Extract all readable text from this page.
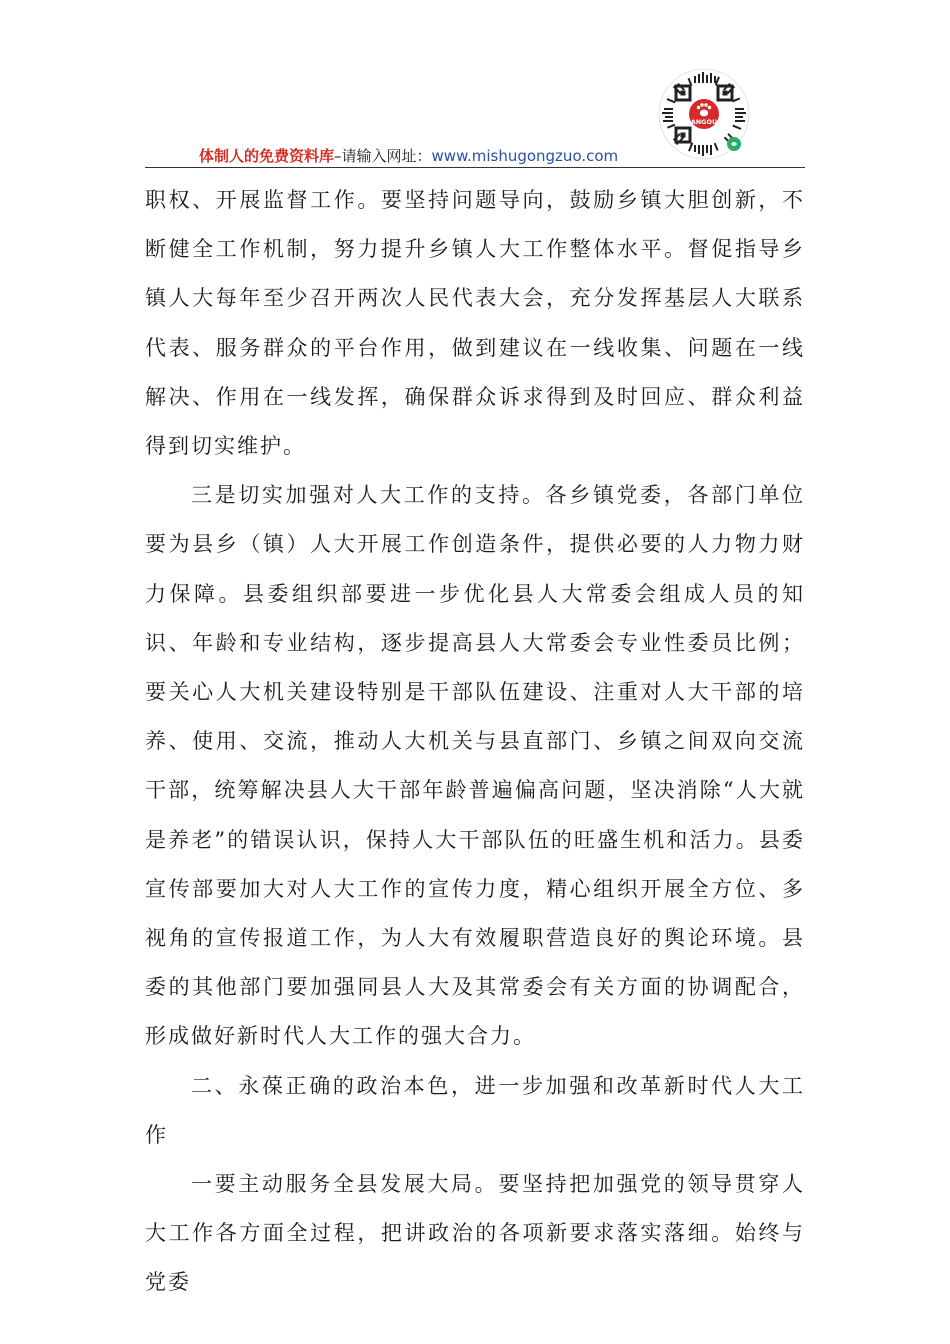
体制人的免费资料库–请输入网址：www.mishugongzuo.com
ANGOU

职权、开展监督工作。要坚持问题导向，鼓励乡镇大胆创新，不断健全工作机制，努力提升乡镇人大工作整体水平。督促指导乡镇人大每年至少召开两次人民代表大会，充分发挥基层人大联系代表、服务群众的平台作用，做到建议在一线收集、问题在一线解决、作用在一线发挥，确保群众诉求得到及时回应、群众利益得到切实维护。

三是切实加强对人大工作的支持。各乡镇党委，各部门单位要为县乡（镇）人大开展工作创造条件，提供必要的人力物力财力保障。县委组织部要进一步优化县人大常委会组成人员的知识、年龄和专业结构，逐步提高县人大常委会专业性委员比例；要关心人大机关建设特别是干部队伍建设、注重对人大干部的培养、使用、交流，推动人大机关与县直部门、乡镇之间双向交流干部，统筹解决县人大干部年龄普遍偏高问题，坚决消除“人大就是养老”的错误认识，保持人大干部队伍的旺盛生机和活力。县委宣传部要加大对人大工作的宣传力度，精心组织开展全方位、多视角的宣传报道工作，为人大有效履职营造良好的舆论环境。县委的其他部门要加强同县人大及其常委会有关方面的协调配合，形成做好新时代人大工作的强大合力。

二、永葆正确的政治本色，进一步加强和改革新时代人大工作

一要主动服务全县发展大局。要坚持把加强党的领导贯穿人大工作各方面全过程，把讲政治的各项新要求落实落细。始终与党委
